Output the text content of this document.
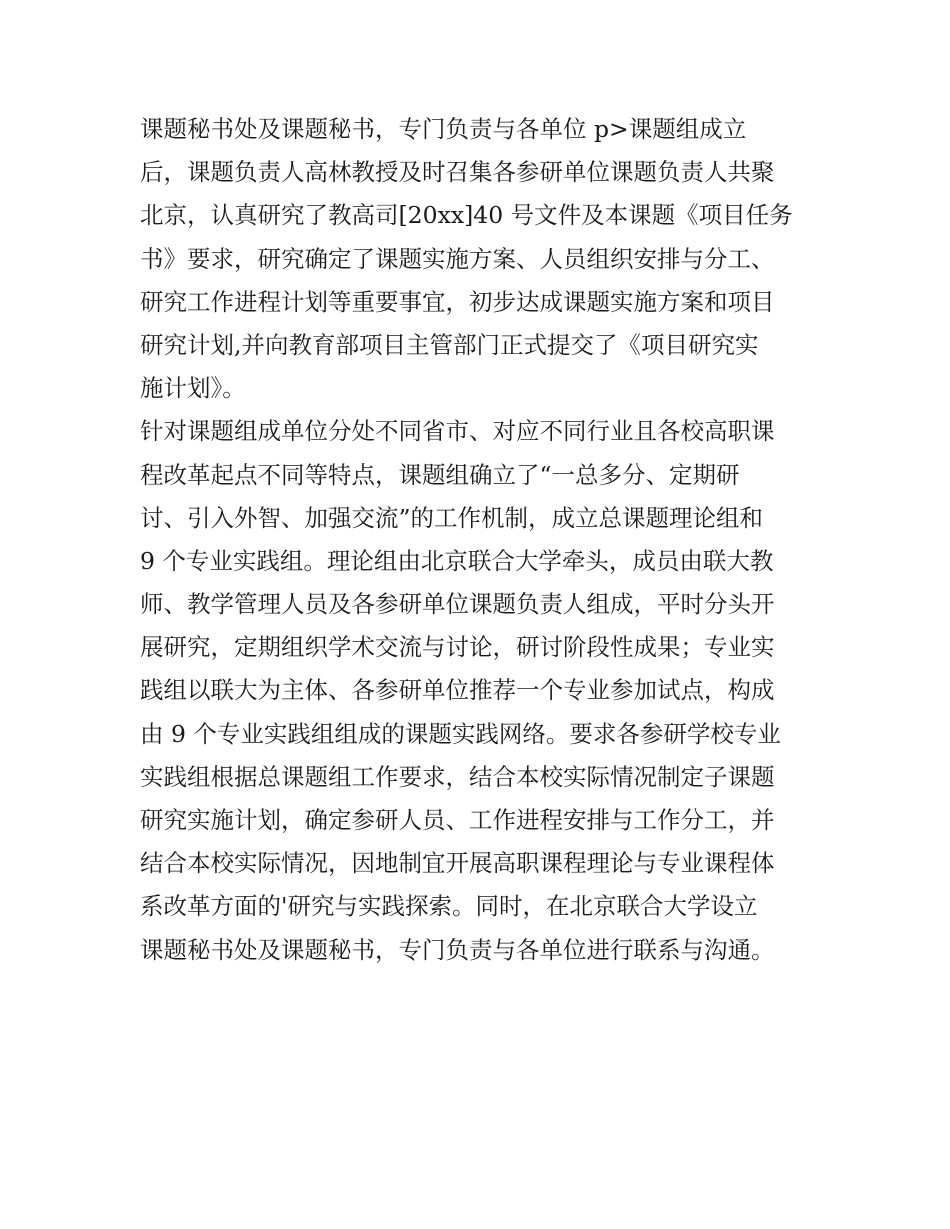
课题秘书处及课题秘书，专门负责与各单位 p>课题组成立
后，课题负责人高林教授及时召集各参研单位课题负责人共聚
北京，认真研究了教高司[20xx]40 号文件及本课题《项目任务
书》要求，研究确定了课题实施方案、人员组织安排与分工、
研究工作进程计划等重要事宜，初步达成课题实施方案和项目
研究计划,并向教育部项目主管部门正式提交了《项目研究实
施计划》。
针对课题组成单位分处不同省市、对应不同行业且各校高职课
程改革起点不同等特点，课题组确立了“一总多分、定期研
讨、引入外智、加强交流”的工作机制，成立总课题理论组和
9 个专业实践组。理论组由北京联合大学牵头，成员由联大教
师、教学管理人员及各参研单位课题负责人组成，平时分头开
展研究，定期组织学术交流与讨论，研讨阶段性成果；专业实
践组以联大为主体、各参研单位推荐一个专业参加试点，构成
由 9 个专业实践组组成的课题实践网络。要求各参研学校专业
实践组根据总课题组工作要求，结合本校实际情况制定子课题
研究实施计划，确定参研人员、工作进程安排与工作分工，并
结合本校实际情况，因地制宜开展高职课程理论与专业课程体
系改革方面的'研究与实践探索。同时，在北京联合大学设立
课题秘书处及课题秘书，专门负责与各单位进行联系与沟通。
